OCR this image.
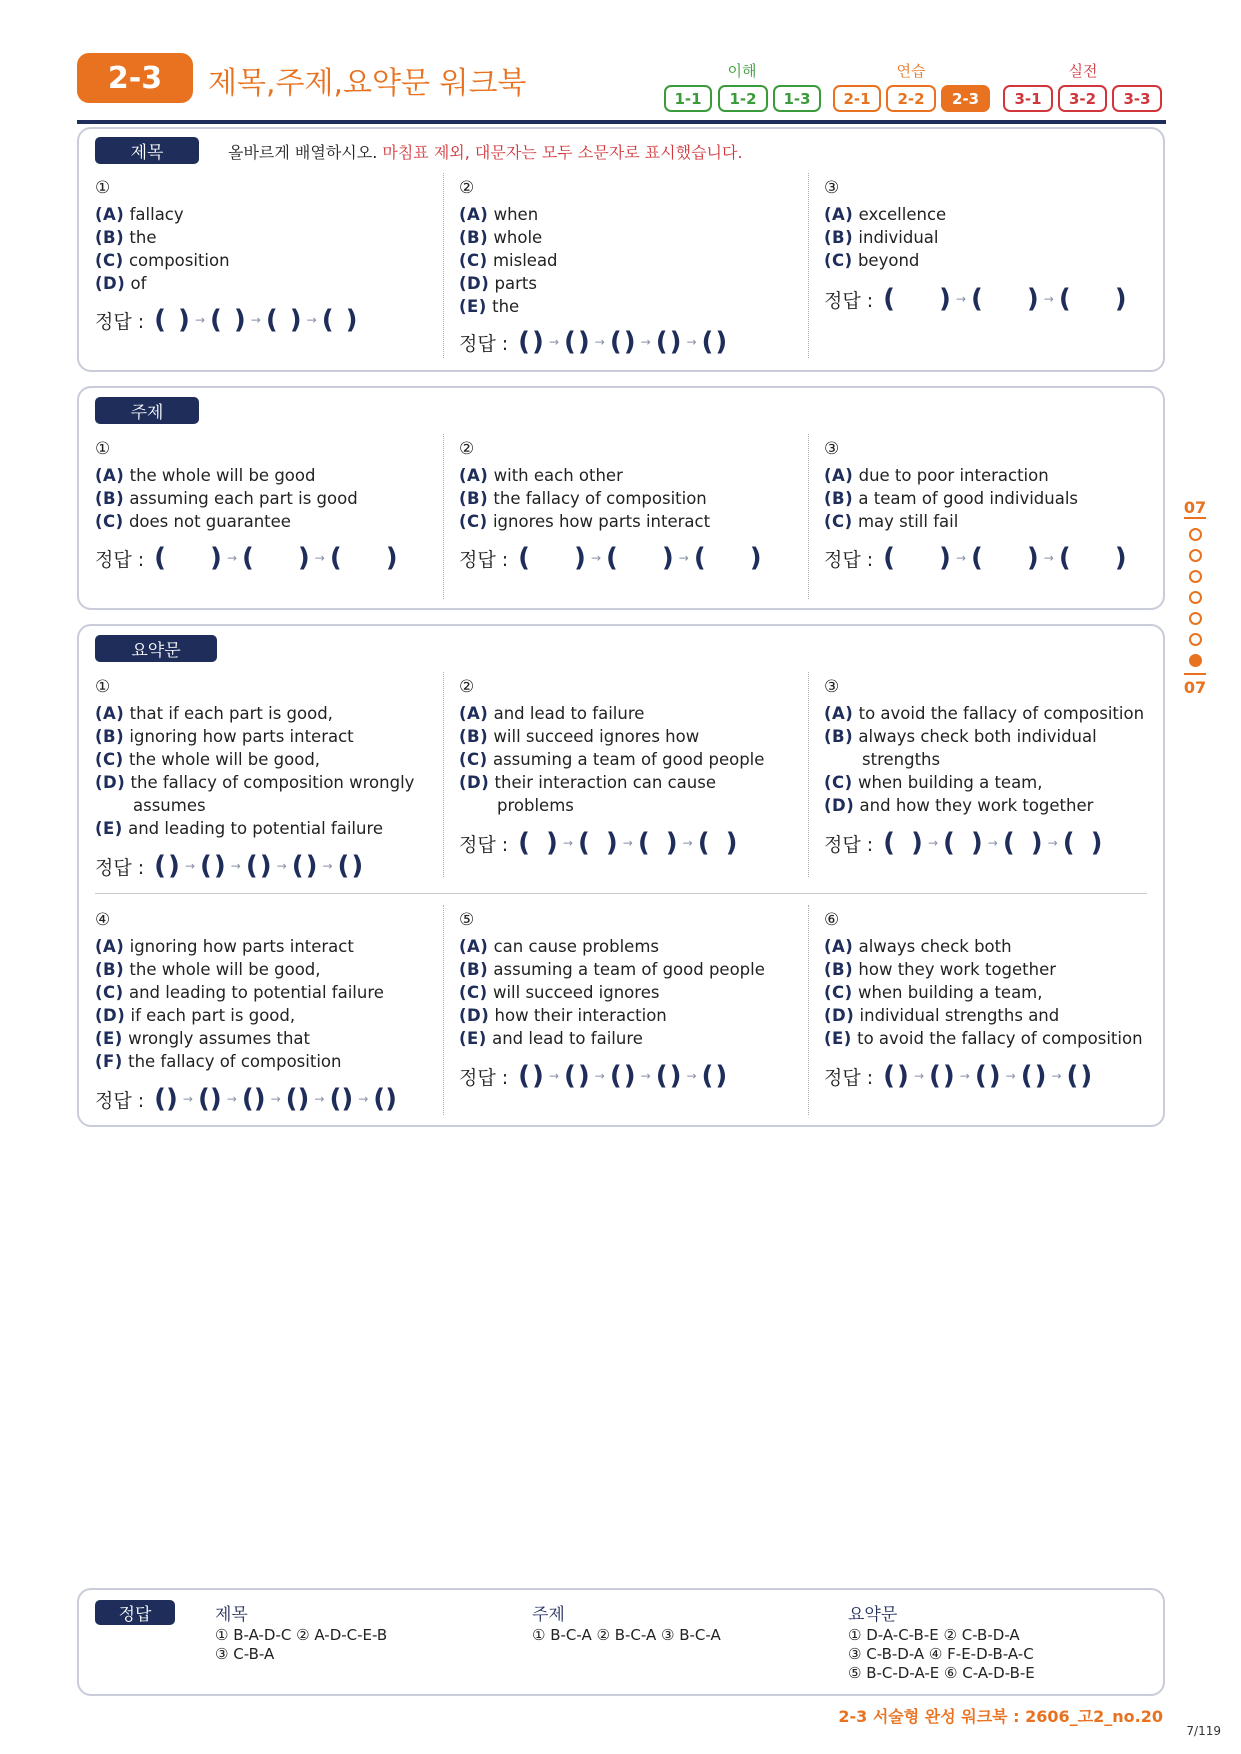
2-3	제목,주제,요약문 워크북	이해	연습	실전
1-1	1-2	1-3	2-1	2-2	2-3	3-1	3-2	3-3
제목	올바르게 배열하시오. 마침표 제외, 대문자는 모두 소문자로 표시했습니다.
①
(A) fallacy
(B) the
(C) composition
(D) of
정답 : ( ) → ( ) → ( ) → ( )
②
(A) when
(B) whole
(C) mislead
(D) parts
(E) the
정답 : ( ) → ( ) → ( ) → ( ) → ( )
③
(A) excellence
(B) individual
(C) beyond
정답 : ( ) → ( ) → ( )
주제
①
(A) the whole will be good
(B) assuming each part is good
(C) does not guarantee
정답 : ( ) → ( ) → ( )
②
(A) with each other
(B) the fallacy of composition
(C) ignores how parts interact
정답 : ( ) → ( ) → ( )
③
(A) due to poor interaction
(B) a team of good individuals
(C) may still fail
정답 : ( ) → ( ) → ( )
요약문
①
(A) that if each part is good,
(B) ignoring how parts interact
(C) the whole will be good,
(D) the fallacy of composition wrongly
assumes
(E) and leading to potential failure
정답 : ( ) → ( ) → ( ) → ( ) → ( )
②
(A) and lead to failure
(B) will succeed ignores how
(C) assuming a team of good people
(D) their interaction can cause
problems
정답 : ( ) → ( ) → ( ) → ( )
③
(A) to avoid the fallacy of composition
(B) always check both individual
strengths
(C) when building a team,
(D) and how they work together
정답 : ( ) → ( ) → ( ) → ( )
④
(A) ignoring how parts interact
(B) the whole will be good,
(C) and leading to potential failure
(D) if each part is good,
(E) wrongly assumes that
(F) the fallacy of composition
정답 : () → () → () → () → () → ()
⑤
(A) can cause problems
(B) assuming a team of good people
(C) will succeed ignores
(D) how their interaction
(E) and lead to failure
정답 : ( ) → ( ) → ( ) → ( ) → ( )
⑥
(A) always check both
(B) how they work together
(C) when building a team,
(D) individual strengths and
(E) to avoid the fallacy of composition
정답 : ( ) → ( ) → ( ) → ( ) → ( )
07
07
정답	제목
① B-A-D-C ② A-D-C-E-B
③ C-B-A
주제
① B-C-A ② B-C-A ③ B-C-A
요약문
① D-A-C-B-E ② C-B-D-A
③ C-B-D-A ④ F-E-D-B-A-C
⑤ B-C-D-A-E ⑥ C-A-D-B-E
2-3 서술형 완성 워크북 : 2606_고2_no.20
7/119
